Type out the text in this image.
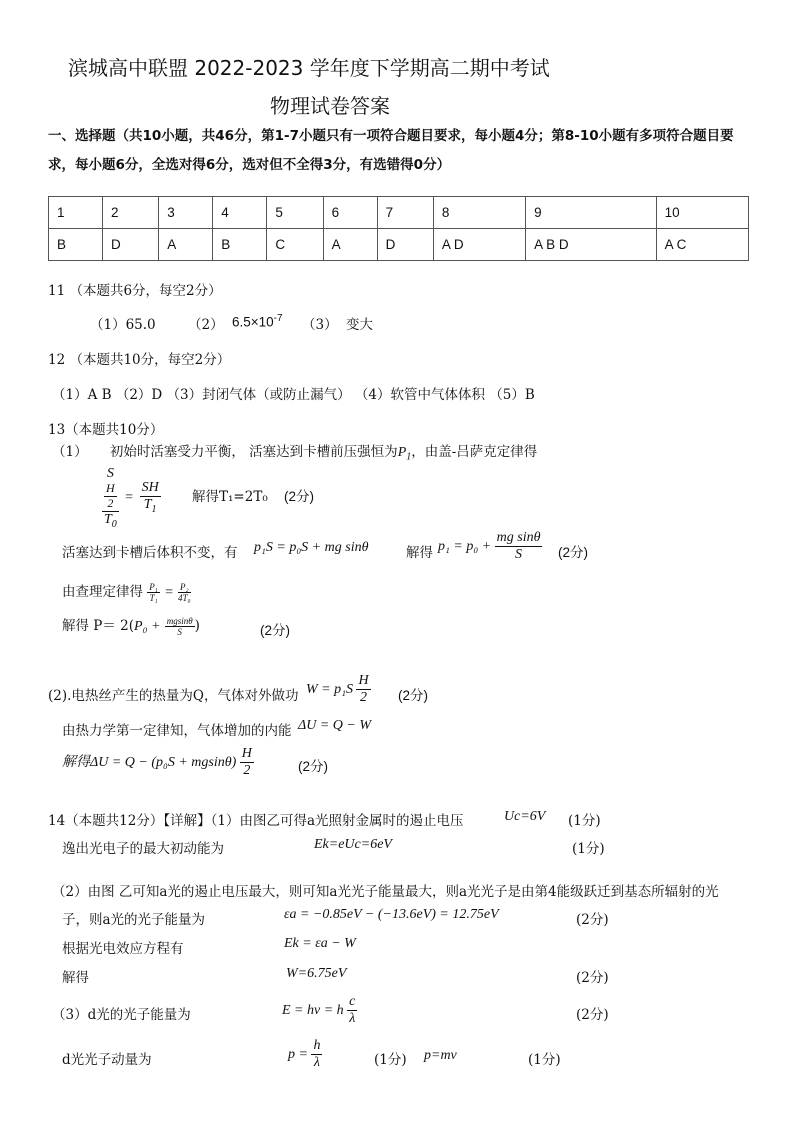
滨城高中联盟 2022-2023 学年度下学期高二期中考试
物理试卷答案
一、选择题（共10小题，共46分，第1-7小题只有一项符合题目要求，每小题4分；第8-10小题有多项符合题目要
求，每小题6分，全选对得6分，选对但不全得3分，有选错得0分）
1	2	3	4	5	6	7	8	9	10
B	D	A	B	C	A	D	A D	A B D	A C
11 （本题共6分，每空2分）
（1）65.0 （2） $6.5\times 10^{-7}$ （3） 变大
12 （本题共10分，每空2分）
（1）A B （2）D （3）封闭气体（或防止漏气） （4）软管中气体体积 （5）B
13（本题共10分）
（1） 初始时活塞受力平衡， 活塞达到卡槽前压强恒为$P_1$，由盖-吕萨克定律得
S
H
2
$T_0 = \frac{SH}{T_1}$ 解得T₁=2T₀ (2分)
活塞达到卡槽后体积不变，有 p₁S = p₀S + mg sinθ	解得 $p_1 = p_0 + \frac{\text{mg sinθ}}{S} (2$分)
由查理定律得 $\frac{\text{P₁}}{\text{T₁}} = \frac{\text{P₂}}{\text{4T₀}}$
解得 $P= 2(P_0 + \frac{mgsin\theta}{S}$ )	(2分)
(2).电热丝产生的热量为Q，气体对外做功 $W = p_1S \frac{H}{2} (2$分)
由热力学第一定律知，气体增加的内能 ΔU = Q − W
解得$\Delta U = Q - (p_0S + mgsin\theta) \frac{H}{2}$	(2分)
14（本题共12分）【详解】（1）由图乙可得a光照射金属时的遏止电压	Uc=6V (1分)
逸出光电子的最大初动能为	Ek=eUc=6eV	(1分)
（2）由图 乙可知a光的遏止电压最大，则可知a光光子能量最大，则a光光子是由第4能级跃迁到基态所辐射的光
子，则a光的光子能量为	εa = −0.85eV − (−13.6eV) = 12.75eV	(2分)
根据光电效应方程有	Ek = εa − W
解得	W=6.75eV	(2分)
（3）d光的光子能量为	E = hν = h $\frac{c}{\lambda}$	(2分)
d光光子动量为	$p = \frac{h}{\lambda}$	(1分) p=mv	(1分)
